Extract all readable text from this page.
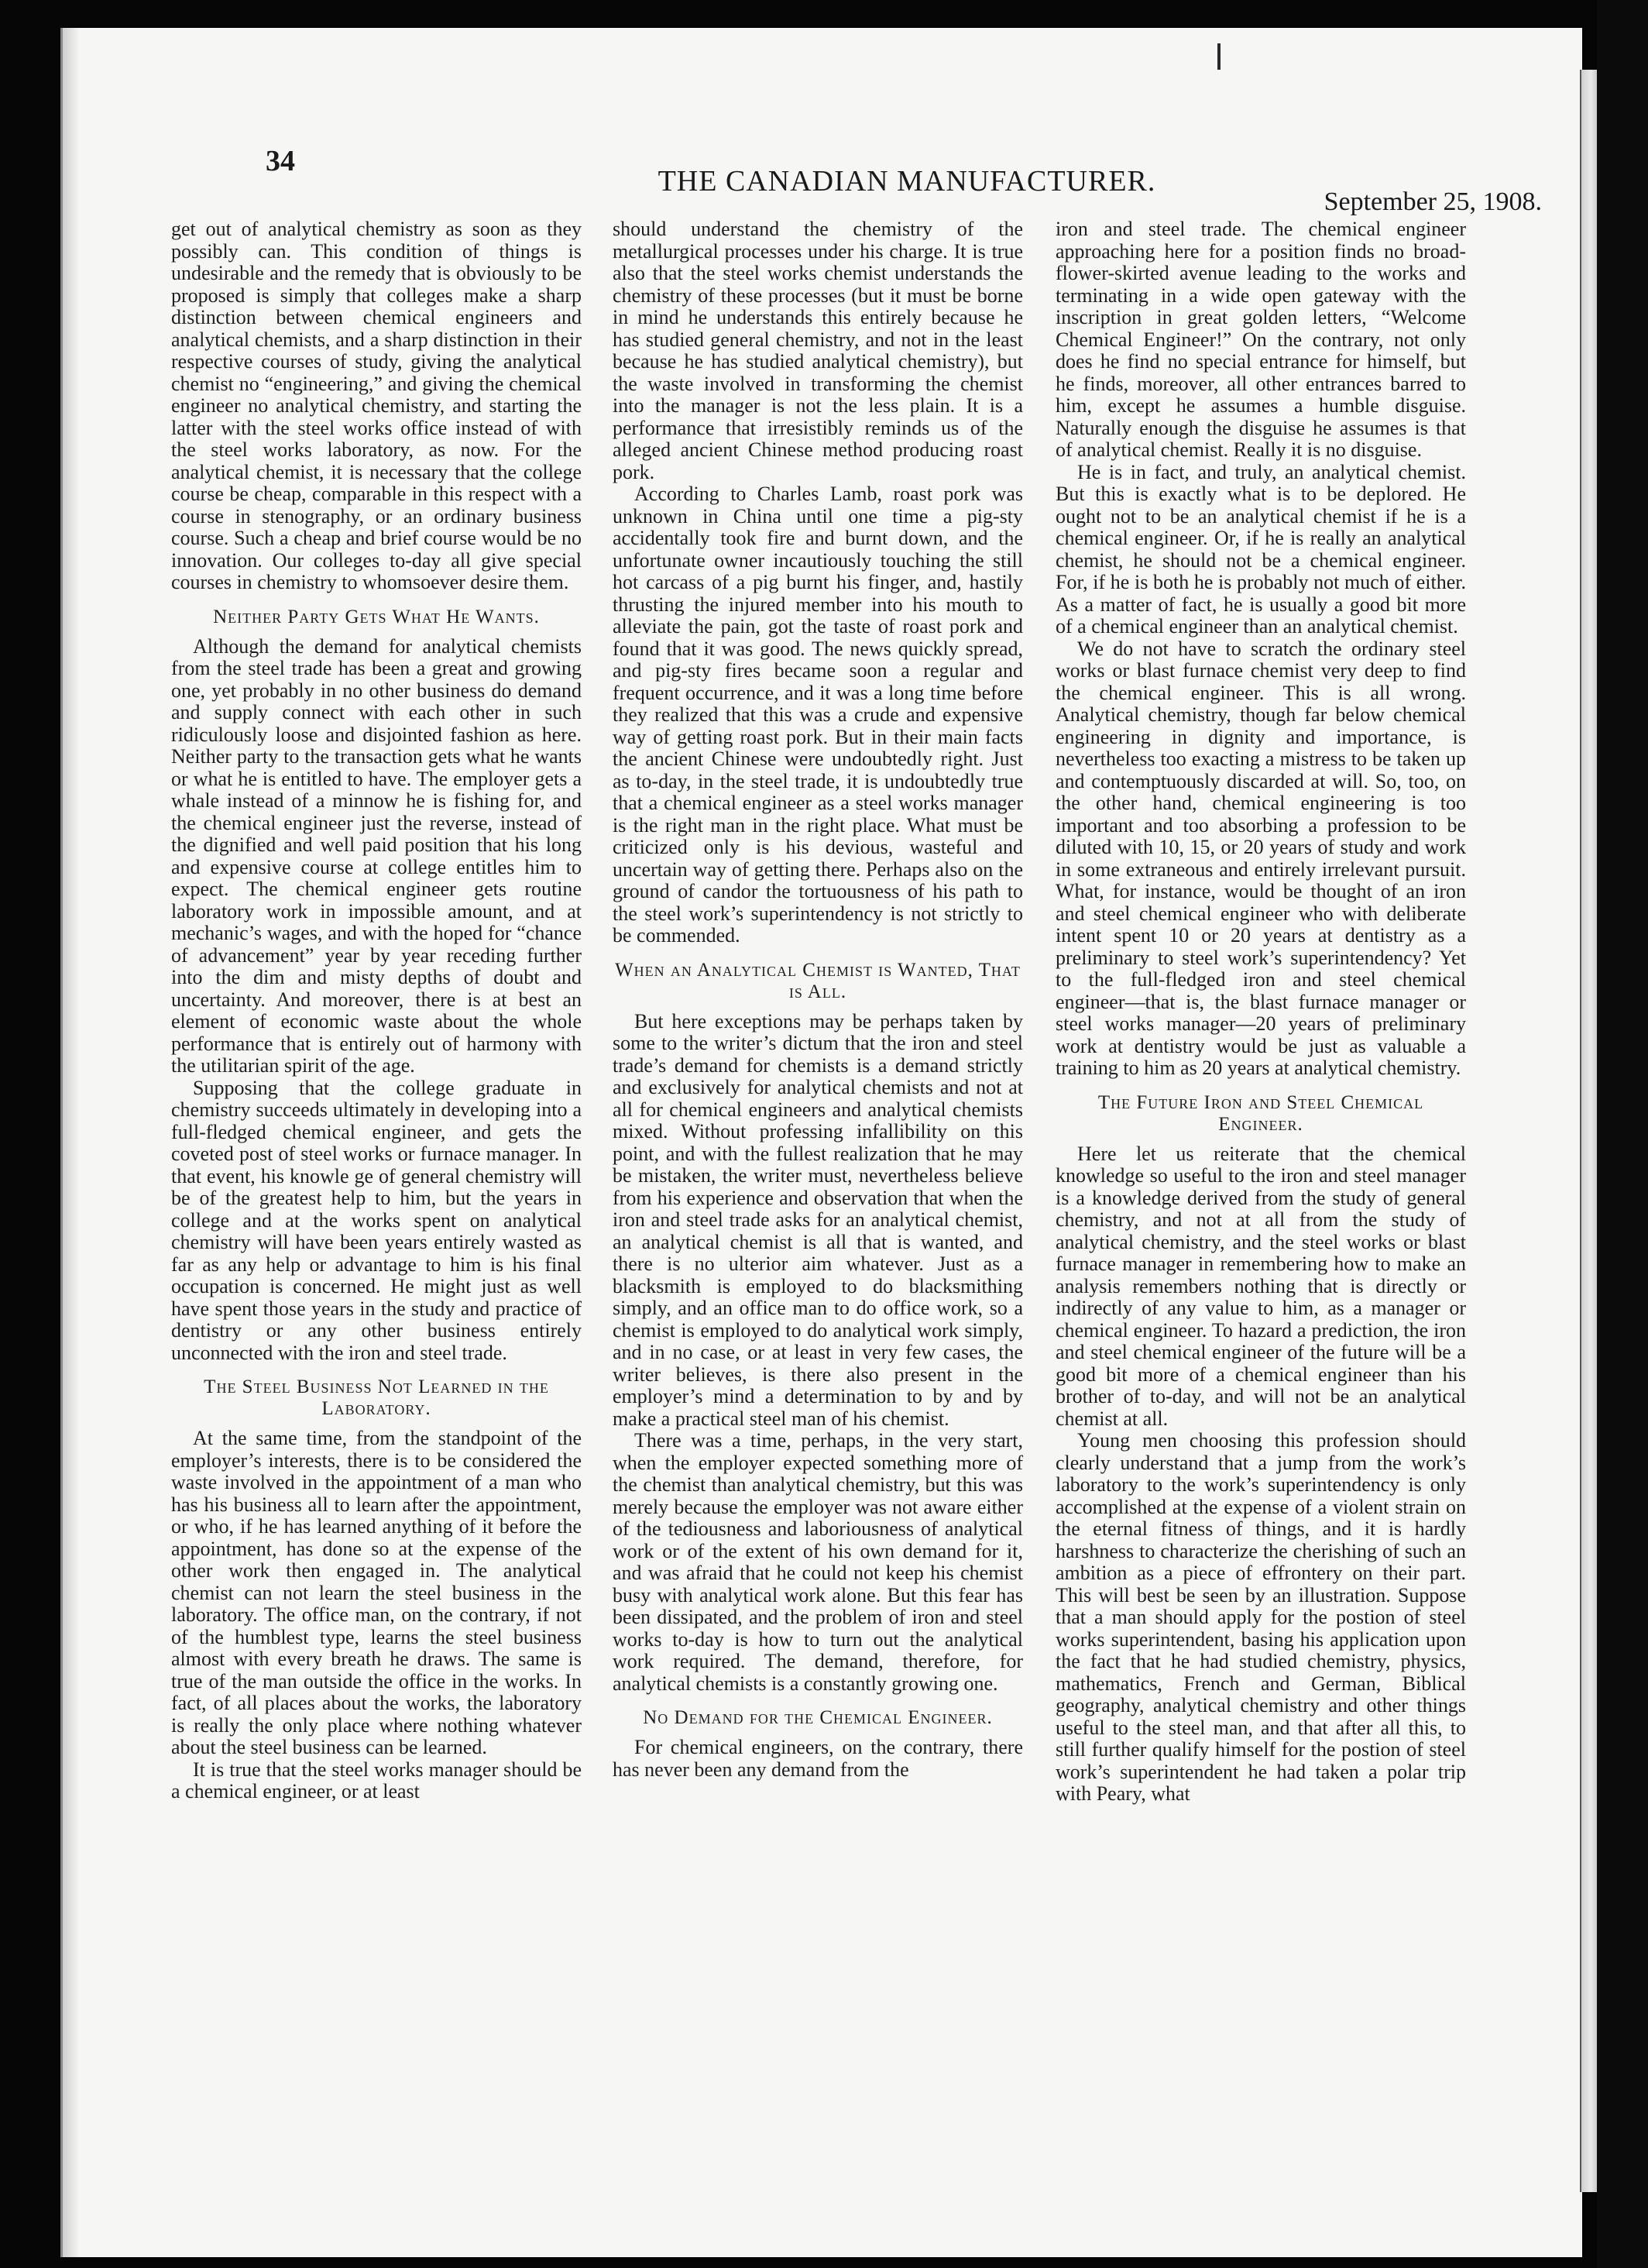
34
THE CANADIAN MANUFACTURER.
September 25, 1908.

get out of analytical chemistry as soon as they possibly can. This condition of things is undesirable and the remedy that is obviously to be proposed is simply that colleges make a sharp distinction between chemical engineers and analytical chemists, and a sharp distinction in their respective courses of study, giving the analytical chemist no “engineering,” and giving the chemical engineer no analytical chemistry, and starting the latter with the steel works office instead of with the steel works laboratory, as now. For the analytical chemist, it is necessary that the college course be cheap, comparable in this respect with a course in stenography, or an ordinary business course. Such a cheap and brief course would be no innovation. Our colleges to-day all give special courses in chemistry to whomsoever desire them.

Neither Party Gets What He Wants.

Although the demand for analytical chemists from the steel trade has been a great and growing one, yet probably in no other business do demand and supply connect with each other in such ridiculously loose and disjointed fashion as here. Neither party to the transaction gets what he wants or what he is entitled to have. The employer gets a whale instead of a minnow he is fishing for, and the chemical engineer just the reverse, instead of the dignified and well paid position that his long and expensive course at college entitles him to expect. The chemical engineer gets routine laboratory work in impossible amount, and at mechanic’s wages, and with the hoped for “chance of advancement” year by year receding further into the dim and misty depths of doubt and uncertainty. And moreover, there is at best an element of economic waste about the whole performance that is entirely out of harmony with the utilitarian spirit of the age.

Supposing that the college graduate in chemistry succeeds ultimately in developing into a full-fledged chemical engineer, and gets the coveted post of steel works or furnace manager. In that event, his knowle ge of general chemistry will be of the greatest help to him, but the years in college and at the works spent on analytical chemistry will have been years entirely wasted as far as any help or advantage to him is his final occupation is concerned. He might just as well have spent those years in the study and practice of dentistry or any other business entirely unconnected with the iron and steel trade.

The Steel Business Not Learned in the Laboratory.

At the same time, from the standpoint of the employer’s interests, there is to be considered the waste involved in the appointment of a man who has his business all to learn after the appointment, or who, if he has learned anything of it before the appointment, has done so at the expense of the other work then engaged in. The analytical chemist can not learn the steel business in the laboratory. The office man, on the contrary, if not of the humblest type, learns the steel business almost with every breath he draws. The same is true of the man outside the office in the works. In fact, of all places about the works, the laboratory is really the only place where nothing whatever about the steel business can be learned.

It is true that the steel works manager should be a chemical engineer, or at least

should understand the chemistry of the metallurgical processes under his charge. It is true also that the steel works chemist understands the chemistry of these processes (but it must be borne in mind he understands this entirely because he has studied general chemistry, and not in the least because he has studied analytical chemistry), but the waste involved in transforming the chemist into the manager is not the less plain. It is a performance that irresistibly reminds us of the alleged ancient Chinese method producing roast pork.

According to Charles Lamb, roast pork was unknown in China until one time a pig-sty accidentally took fire and burnt down, and the unfortunate owner incautiously touching the still hot carcass of a pig burnt his finger, and, hastily thrusting the injured member into his mouth to alleviate the pain, got the taste of roast pork and found that it was good. The news quickly spread, and pig-sty fires became soon a regular and frequent occurrence, and it was a long time before they realized that this was a crude and expensive way of getting roast pork. But in their main facts the ancient Chinese were undoubtedly right. Just as to-day, in the steel trade, it is undoubtedly true that a chemical engineer as a steel works manager is the right man in the right place. What must be criticized only is his devious, wasteful and uncertain way of getting there. Perhaps also on the ground of candor the tortuousness of his path to the steel work’s superintendency is not strictly to be commended.

When an Analytical Chemist is Wanted, That is All.

But here exceptions may be perhaps taken by some to the writer’s dictum that the iron and steel trade’s demand for chemists is a demand strictly and exclusively for analytical chemists and not at all for chemical engineers and analytical chemists mixed. Without professing infallibility on this point, and with the fullest realization that he may be mistaken, the writer must, nevertheless believe from his experience and observation that when the iron and steel trade asks for an analytical chemist, an analytical chemist is all that is wanted, and there is no ulterior aim whatever. Just as a blacksmith is employed to do blacksmithing simply, and an office man to do office work, so a chemist is employed to do analytical work simply, and in no case, or at least in very few cases, the writer believes, is there also present in the employer’s mind a determination to by and by make a practical steel man of his chemist.

There was a time, perhaps, in the very start, when the employer expected something more of the chemist than analytical chemistry, but this was merely because the employer was not aware either of the tediousness and laboriousness of analytical work or of the extent of his own demand for it, and was afraid that he could not keep his chemist busy with analytical work alone. But this fear has been dissipated, and the problem of iron and steel works to-day is how to turn out the analytical work required. The demand, therefore, for analytical chemists is a constantly growing one.

No Demand for the Chemical Engineer.

For chemical engineers, on the contrary, there has never been any demand from the

iron and steel trade. The chemical engineer approaching here for a position finds no broad-flower-skirted avenue leading to the works and terminating in a wide open gateway with the inscription in great golden letters, “Welcome Chemical Engineer!” On the contrary, not only does he find no special entrance for himself, but he finds, moreover, all other entrances barred to him, except he assumes a humble disguise. Naturally enough the disguise he assumes is that of analytical chemist. Really it is no disguise.

He is in fact, and truly, an analytical chemist. But this is exactly what is to be deplored. He ought not to be an analytical chemist if he is a chemical engineer. Or, if he is really an analytical chemist, he should not be a chemical engineer. For, if he is both he is probably not much of either. As a matter of fact, he is usually a good bit more of a chemical engineer than an analytical chemist.

We do not have to scratch the ordinary steel works or blast furnace chemist very deep to find the chemical engineer. This is all wrong. Analytical chemistry, though far below chemical engineering in dignity and importance, is nevertheless too exacting a mistress to be taken up and contemptuously discarded at will. So, too, on the other hand, chemical engineering is too important and too absorbing a profession to be diluted with 10, 15, or 20 years of study and work in some extraneous and entirely irrelevant pursuit. What, for instance, would be thought of an iron and steel chemical engineer who with deliberate intent spent 10 or 20 years at dentistry as a preliminary to steel work’s superintendency? Yet to the full-fledged iron and steel chemical engineer—that is, the blast furnace manager or steel works manager—20 years of preliminary work at dentistry would be just as valuable a training to him as 20 years at analytical chemistry.

The Future Iron and Steel Chemical Engineer.

Here let us reiterate that the chemical knowledge so useful to the iron and steel manager is a knowledge derived from the study of general chemistry, and not at all from the study of analytical chemistry, and the steel works or blast furnace manager in remembering how to make an analysis remembers nothing that is directly or indirectly of any value to him, as a manager or chemical engineer. To hazard a prediction, the iron and steel chemical engineer of the future will be a good bit more of a chemical engineer than his brother of to-day, and will not be an analytical chemist at all.

Young men choosing this profession should clearly understand that a jump from the work’s laboratory to the work’s superintendency is only accomplished at the expense of a violent strain on the eternal fitness of things, and it is hardly harshness to characterize the cherishing of such an ambition as a piece of effrontery on their part. This will best be seen by an illustration. Suppose that a man should apply for the postion of steel works superintendent, basing his application upon the fact that he had studied chemistry, physics, mathematics, French and German, Biblical geography, analytical chemistry and other things useful to the steel man, and that after all this, to still further qualify himself for the postion of steel work’s superintendent he had taken a polar trip with Peary, what
